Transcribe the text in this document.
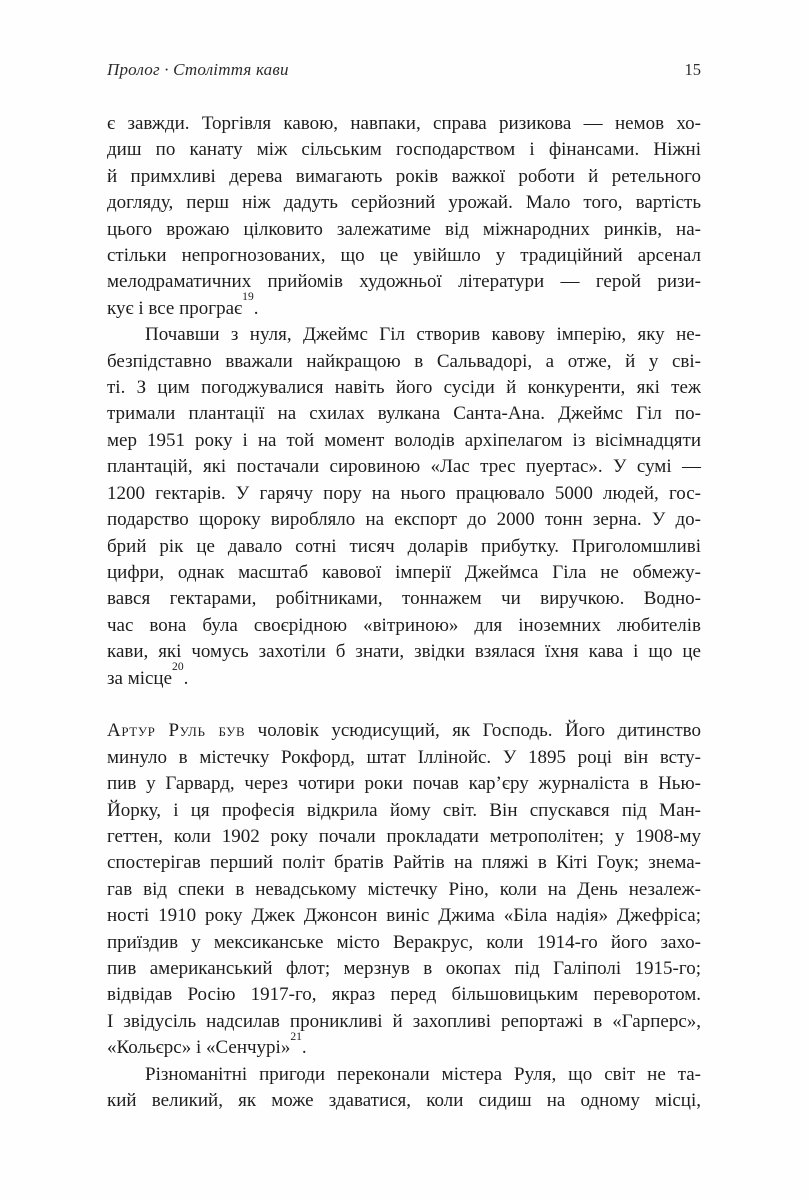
Пролог · Століття кави	15
є завжди. Торгівля кавою, навпаки, справа ризикова — немов хо-
диш по канату між сільським господарством і фінансами. Ніжні
й примхливі дерева вимагають років важкої роботи й ретельного
догляду, перш ніж дадуть серйозний урожай. Мало того, вартість
цього врожаю цілковито залежатиме від міжнародних ринків, на-
стільки непрогнозованих, що це увійшло у традиційний арсенал
мелодраматичних прийомів художньої літератури — герой ризи-
кує і все програє$^{19}$.
Почавши з нуля, Джеймс Гіл створив кавову імперію, яку не-
безпідставно вважали найкращою в Сальвадорі, а отже, й у сві-
ті. З цим погоджувалися навіть його сусіди й конкуренти, які теж
тримали плантації на схилах вулкана Санта-Ана. Джеймс Гіл по-
мер 1951 року і на той момент володів архіпелагом із вісімнадцяти
плантацій, які постачали сировиною «Лас трес пуертас». У сумі —
1200 гектарів. У гарячу пору на нього працювало 5000 людей, гос-
подарство щороку виробляло на експорт до 2000 тонн зерна. У до-
брий рік це давало сотні тисяч доларів прибутку. Приголомшливі
цифри, однак масштаб кавової імперії Джеймса Гіла не обмежу-
вався гектарами, робітниками, тоннажем чи виручкою. Водно-
час вона була своєрідною «вітриною» для іноземних любителів
кави, які чомусь захотіли б знати, звідки взялася їхня кава і що це
за місце$^{20}$.
Артур Руль був чоловік усюдисущий, як Господь. Його дитинство
минуло в містечку Рокфорд, штат Іллінойс. У 1895 році він всту-
пив у Гарвард, через чотири роки почав кар’єру журналіста в Нью-
Йорку, і ця професія відкрила йому світ. Він спускався під Ман-
геттен, коли 1902 року почали прокладати метрополітен; у 1908-му
спостерігав перший політ братів Райтів на пляжі в Кіті Гоук; знема-
гав від спеки в невадському містечку Ріно, коли на День незалеж-
ності 1910 року Джек Джонсон виніс Джима «Біла надія» Джефріса;
приїздив у мексиканське місто Веракрус, коли 1914-го його захо-
пив американський флот; мерзнув в окопах під Галіполі 1915-го;
відвідав Росію 1917-го, якраз перед більшовицьким переворотом.
І звідусіль надсилав проникливі й захопливі репортажі в «Гарперс»,
«Кольєрс» і «Сенчурі»$^{21}$.
Різноманітні пригоди переконали містера Руля, що світ не та-
кий великий, як може здаватися, коли сидиш на одному місці,
